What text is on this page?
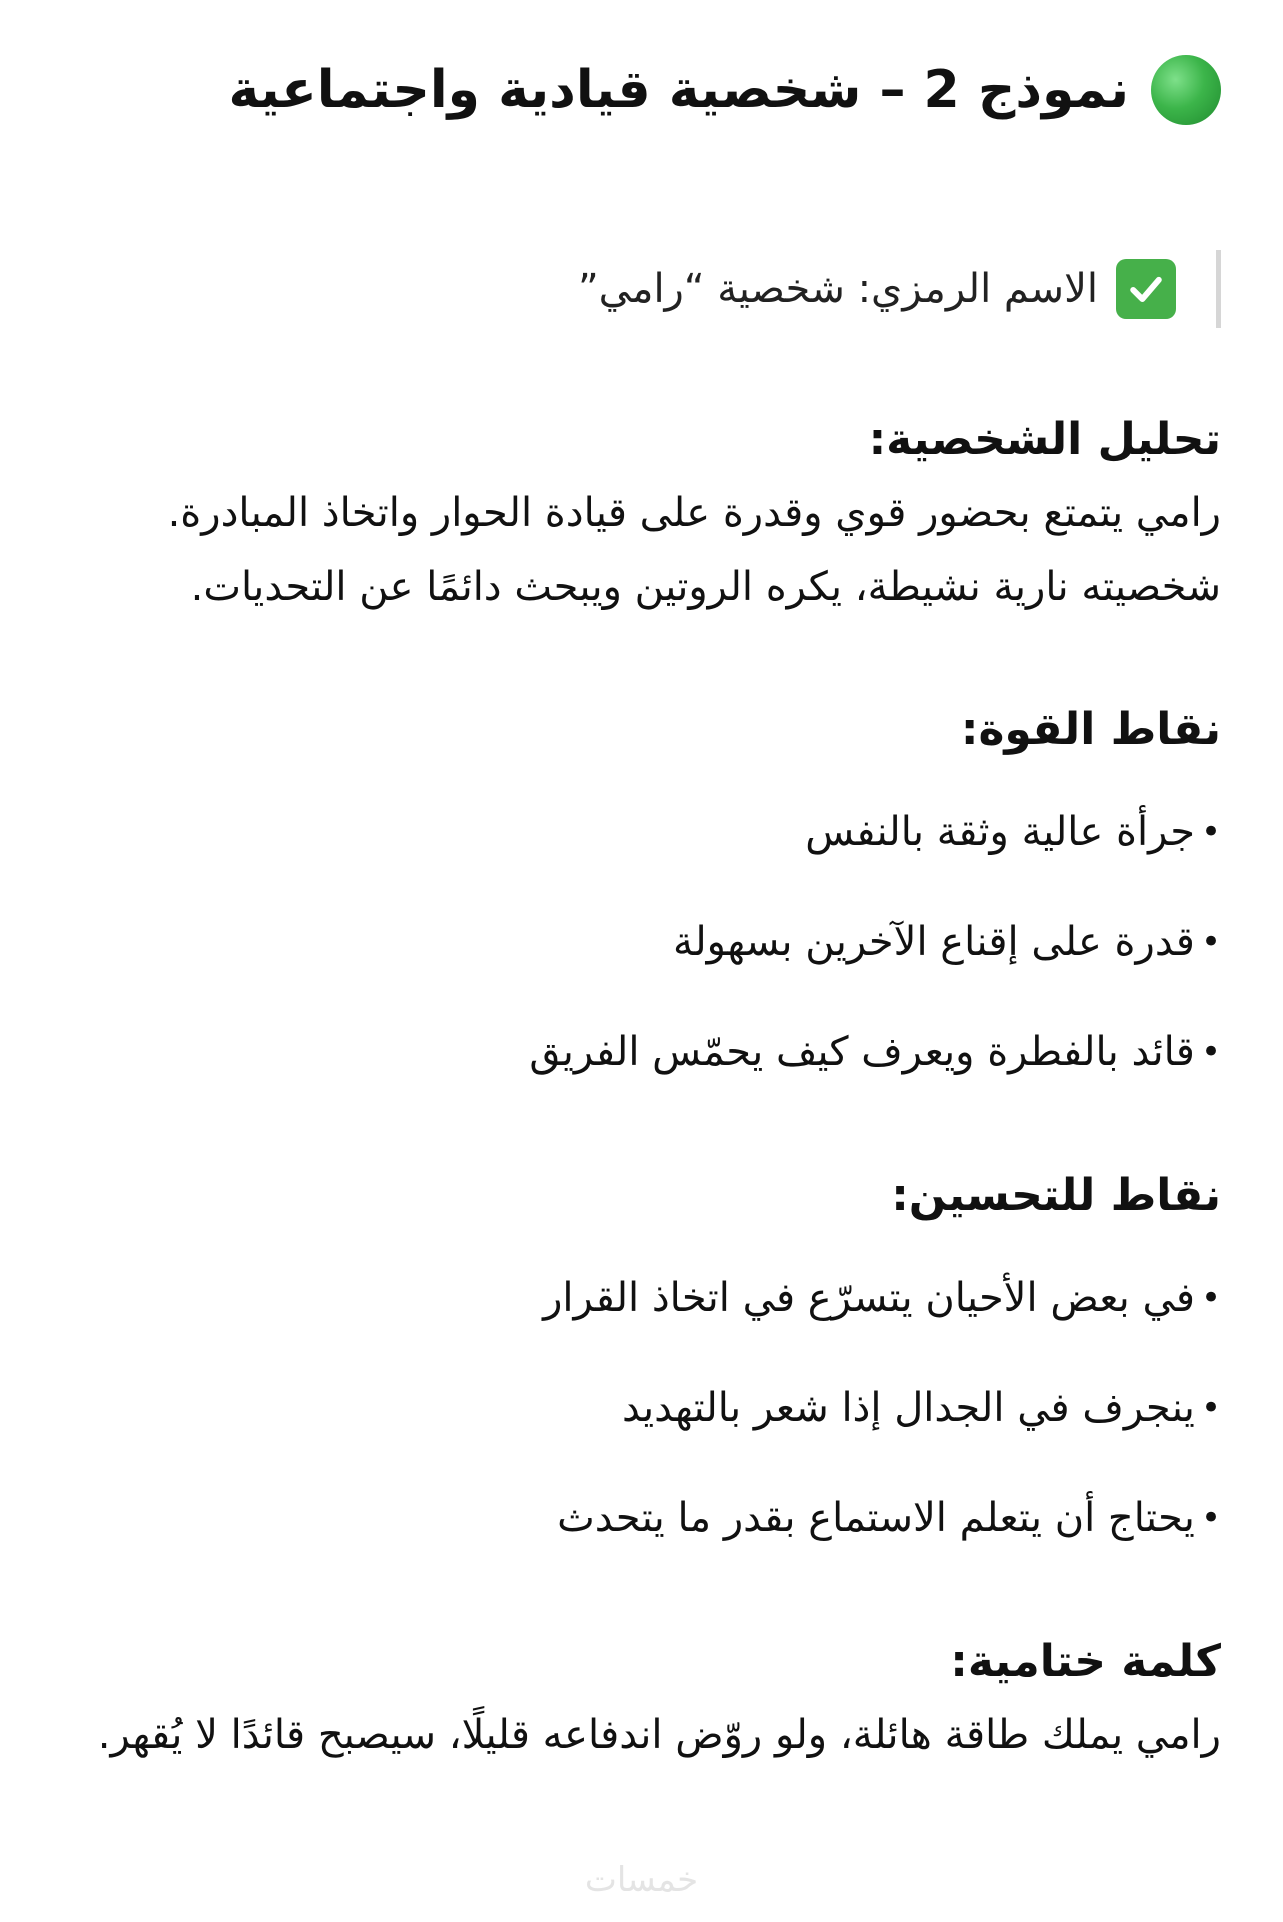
نموذج 2 – شخصية قيادية واجتماعية
الاسم الرمزي: شخصية “رامي”
تحليل الشخصية:

رامي يتمتع بحضور قوي وقدرة على قيادة الحوار واتخاذ المبادرة. شخصيته نارية نشيطة، يكره الروتين ويبحث دائمًا عن التحديات.

نقاط القوة:
•
جرأة عالية وثقة بالنفس
•
قدرة على إقناع الآخرين بسهولة
•
قائد بالفطرة ويعرف كيف يحمّس الفريق
نقاط للتحسين:
•
في بعض الأحيان يتسرّع في اتخاذ القرار
•
ينجرف في الجدال إذا شعر بالتهديد
•
يحتاج أن يتعلم الاستماع بقدر ما يتحدث
كلمة ختامية:

رامي يملك طاقة هائلة، ولو روّض اندفاعه قليلًا، سيصبح قائدًا لا يُقهر.

خمسات
